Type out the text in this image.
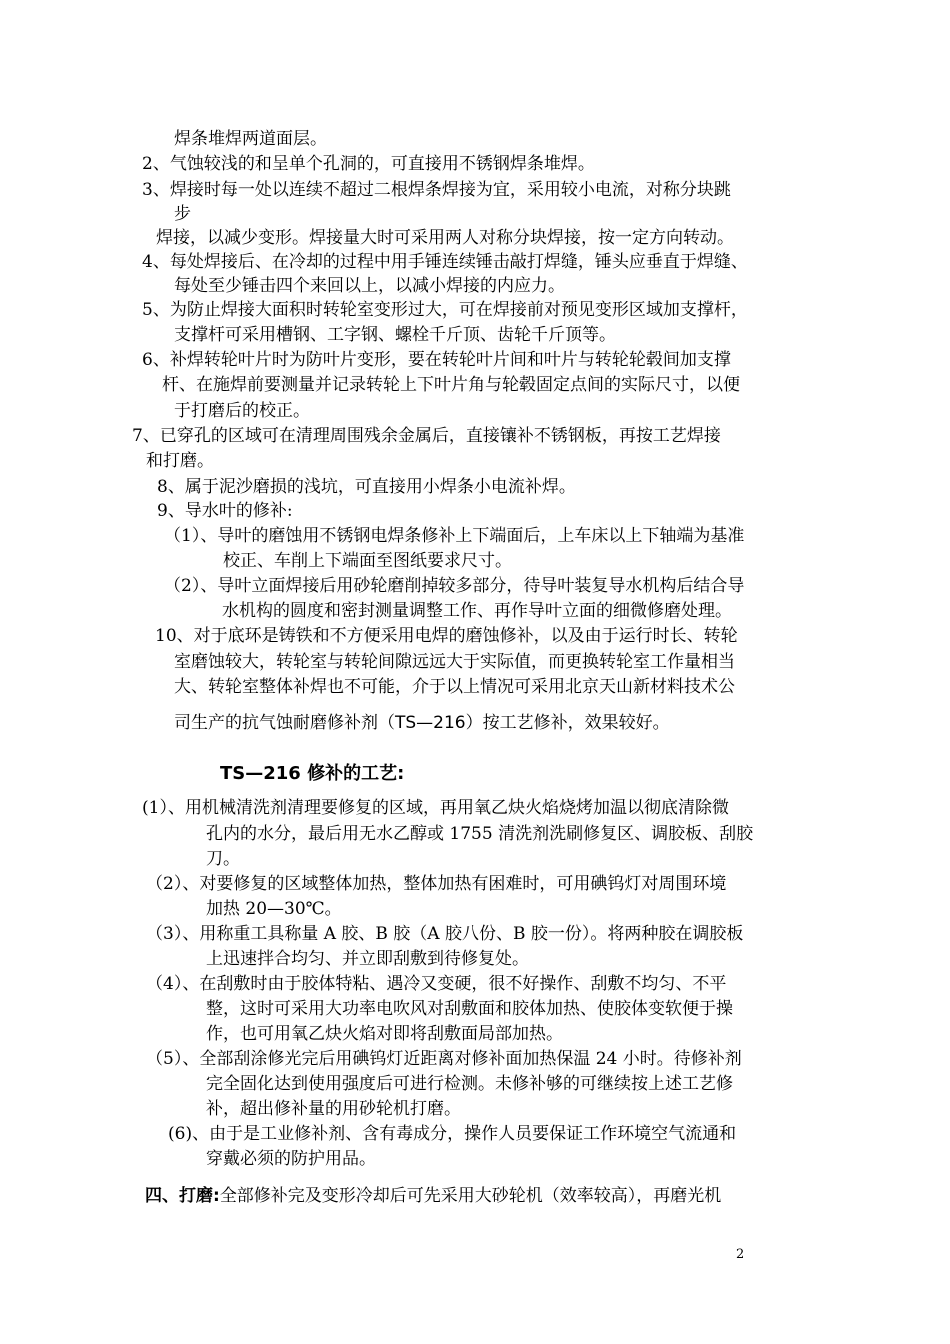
焊条堆焊两道面层。
2、气蚀较浅的和呈单个孔洞的，可直接用不锈钢焊条堆焊。
3、焊接时每一处以连续不超过二根焊条焊接为宜，采用较小电流，对称分块跳
步
焊接，以减少变形。焊接量大时可采用两人对称分块焊接，按一定方向转动。
4、每处焊接后、在冷却的过程中用手锤连续锤击敲打焊缝，锤头应垂直于焊缝、
每处至少锤击四个来回以上，以减小焊接的内应力。
5、为防止焊接大面积时转轮室变形过大，可在焊接前对预见变形区域加支撑杆，
支撑杆可采用槽钢、工字钢、螺栓千斤顶、齿轮千斤顶等。
6、补焊转轮叶片时为防叶片变形，要在转轮叶片间和叶片与转轮轮毂间加支撑
杆、在施焊前要测量并记录转轮上下叶片角与轮毂固定点间的实际尺寸，以便
于打磨后的校正。
7、已穿孔的区域可在清理周围残余金属后，直接镶补不锈钢板，再按工艺焊接
和打磨。
8、属于泥沙磨损的浅坑，可直接用小焊条小电流补焊。
9、导水叶的修补:
（1）、导叶的磨蚀用不锈钢电焊条修补上下端面后，上车床以上下轴端为基准
校正、车削上下端面至图纸要求尺寸。
（2）、导叶立面焊接后用砂轮磨削掉较多部分，待导叶装复导水机构后结合导
水机构的圆度和密封测量调整工作、再作导叶立面的细微修磨处理。
10、对于底环是铸铁和不方便采用电焊的磨蚀修补，以及由于运行时长、转轮
室磨蚀较大，转轮室与转轮间隙远远大于实际值，而更换转轮室工作量相当
大、转轮室整体补焊也不可能，介于以上情况可采用北京天山新材料技术公
司生产的抗气蚀耐磨修补剂（TS—216）按工艺修补，效果较好。
TS—216 修补的工艺:
(1）、用机械清洗剂清理要修复的区域，再用氧乙炔火焰烧烤加温以彻底清除微
孔内的水分，最后用无水乙醇或 1755 清洗剂洗刷修复区、调胶板、刮胶
刀。
（2）、对要修复的区域整体加热，整体加热有困难时，可用碘钨灯对周围环境
加热 20—30℃。
（3）、用称重工具称量 A 胶、B 胶（A 胶八份、B 胶一份）。将两种胶在调胶板
上迅速拌合均匀、并立即刮敷到待修复处。
（4）、在刮敷时由于胶体特粘、遇冷又变硬，很不好操作、刮敷不均匀、不平
整，这时可采用大功率电吹风对刮敷面和胶体加热、使胶体变软便于操
作，也可用氧乙炔火焰对即将刮敷面局部加热。
（5）、全部刮涂修光完后用碘钨灯近距离对修补面加热保温 24 小时。待修补剂
完全固化达到使用强度后可进行检测。未修补够的可继续按上述工艺修
补，超出修补量的用砂轮机打磨。
(6)、由于是工业修补剂、含有毒成分，操作人员要保证工作环境空气流通和
穿戴必须的防护用品。
四、打磨:全部修补完及变形冷却后可先采用大砂轮机（效率较高），再磨光机
2
